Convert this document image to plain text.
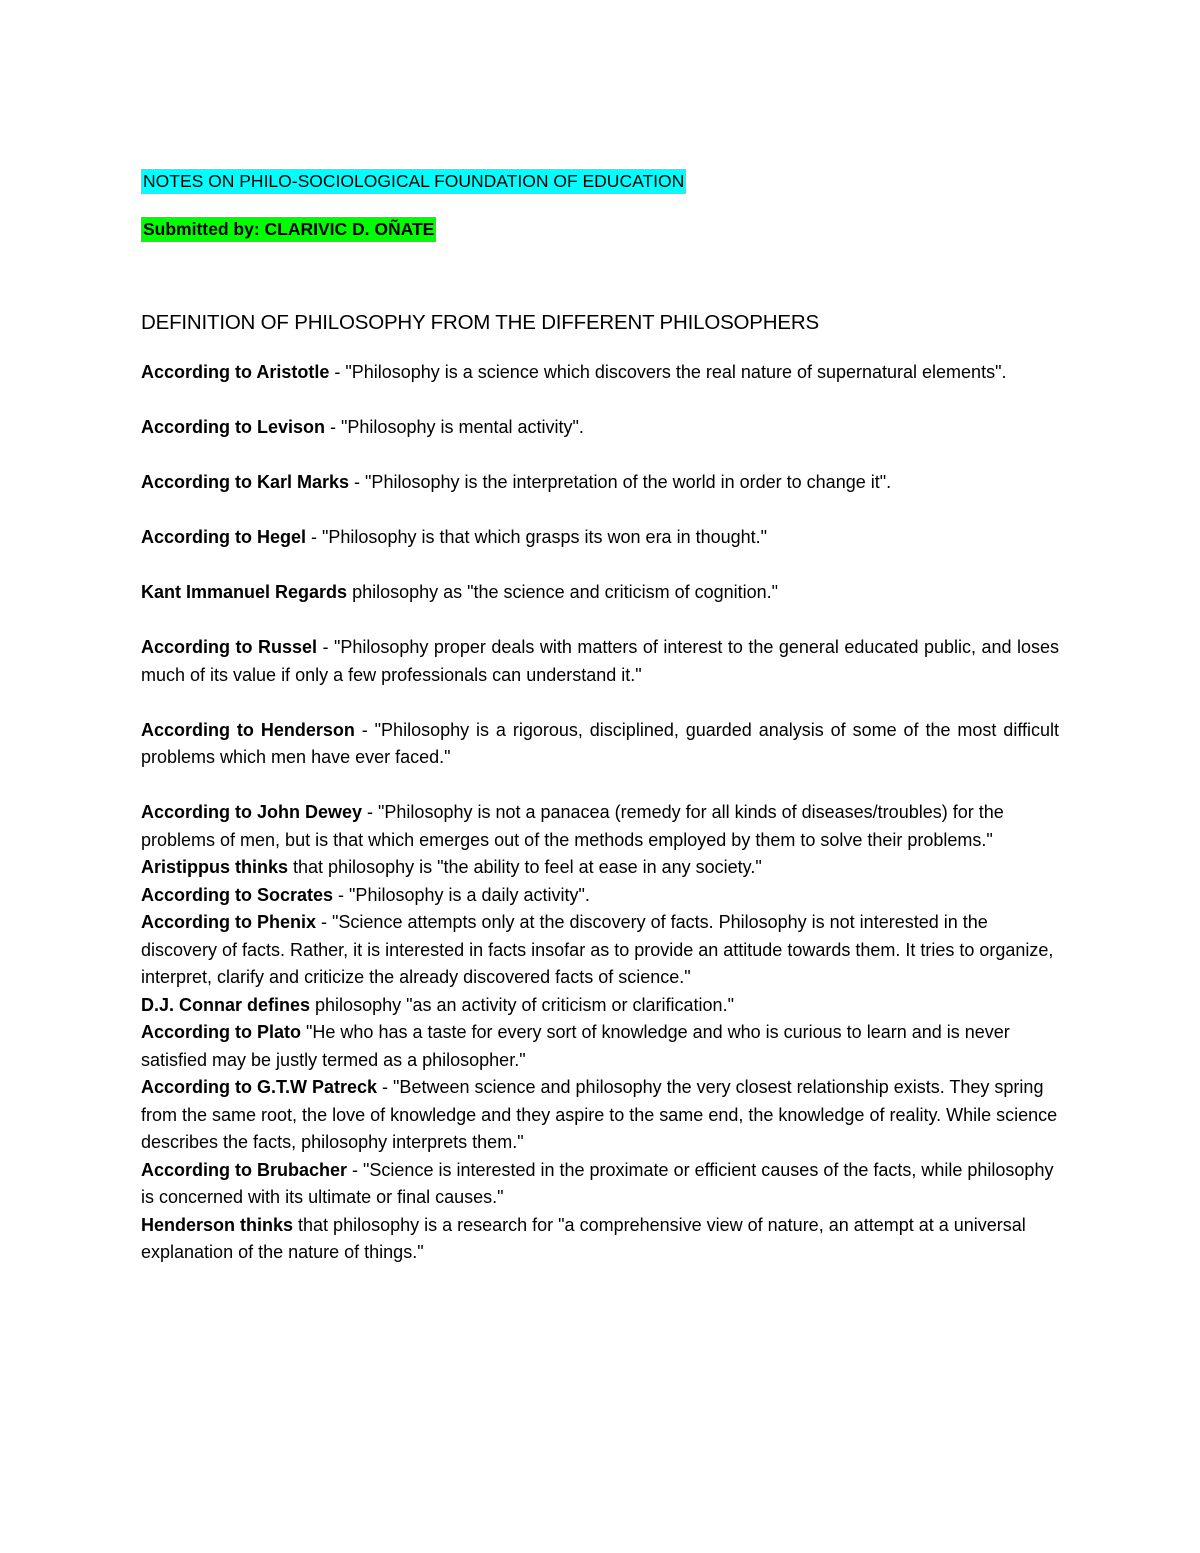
NOTES ON PHILO-SOCIOLOGICAL FOUNDATION OF EDUCATION
Submitted by: CLARIVIC D. OÑATE
DEFINITION OF PHILOSOPHY FROM THE DIFFERENT PHILOSOPHERS

According to Aristotle - "Philosophy is a science which discovers the real nature of supernatural elements".

According to Levison - "Philosophy is mental activity".

According to Karl Marks - "Philosophy is the interpretation of the world in order to change it".

According to Hegel - "Philosophy is that which grasps its won era in thought."

Kant Immanuel Regards philosophy as "the science and criticism of cognition."

According to Russel - "Philosophy proper deals with matters of interest to the general educated public, and loses much of its value if only a few professionals can understand it."

According to Henderson - "Philosophy is a rigorous, disciplined, guarded analysis of some of the most difficult problems which men have ever faced."

According to John Dewey - "Philosophy is not a panacea (remedy for all kinds of diseases/troubles) for the problems of men, but is that which emerges out of the methods employed by them to solve their problems."

Aristippus thinks that philosophy is "the ability to feel at ease in any society."

According to Socrates - "Philosophy is a daily activity".

According to Phenix - "Science attempts only at the discovery of facts. Philosophy is not interested in the discovery of facts. Rather, it is interested in facts insofar as to provide an attitude towards them. It tries to organize, interpret, clarify and criticize the already discovered facts of science."

D.J. Connar defines philosophy "as an activity of criticism or clarification."

According to Plato "He who has a taste for every sort of knowledge and who is curious to learn and is never satisfied may be justly termed as a philosopher."

According to G.T.W Patreck - "Between science and philosophy the very closest relationship exists. They spring from the same root, the love of knowledge and they aspire to the same end, the knowledge of reality. While science describes the facts, philosophy interprets them."

According to Brubacher - "Science is interested in the proximate or efficient causes of the facts, while philosophy is concerned with its ultimate or final causes."

Henderson thinks that philosophy is a research for "a comprehensive view of nature, an attempt at a universal explanation of the nature of things."
